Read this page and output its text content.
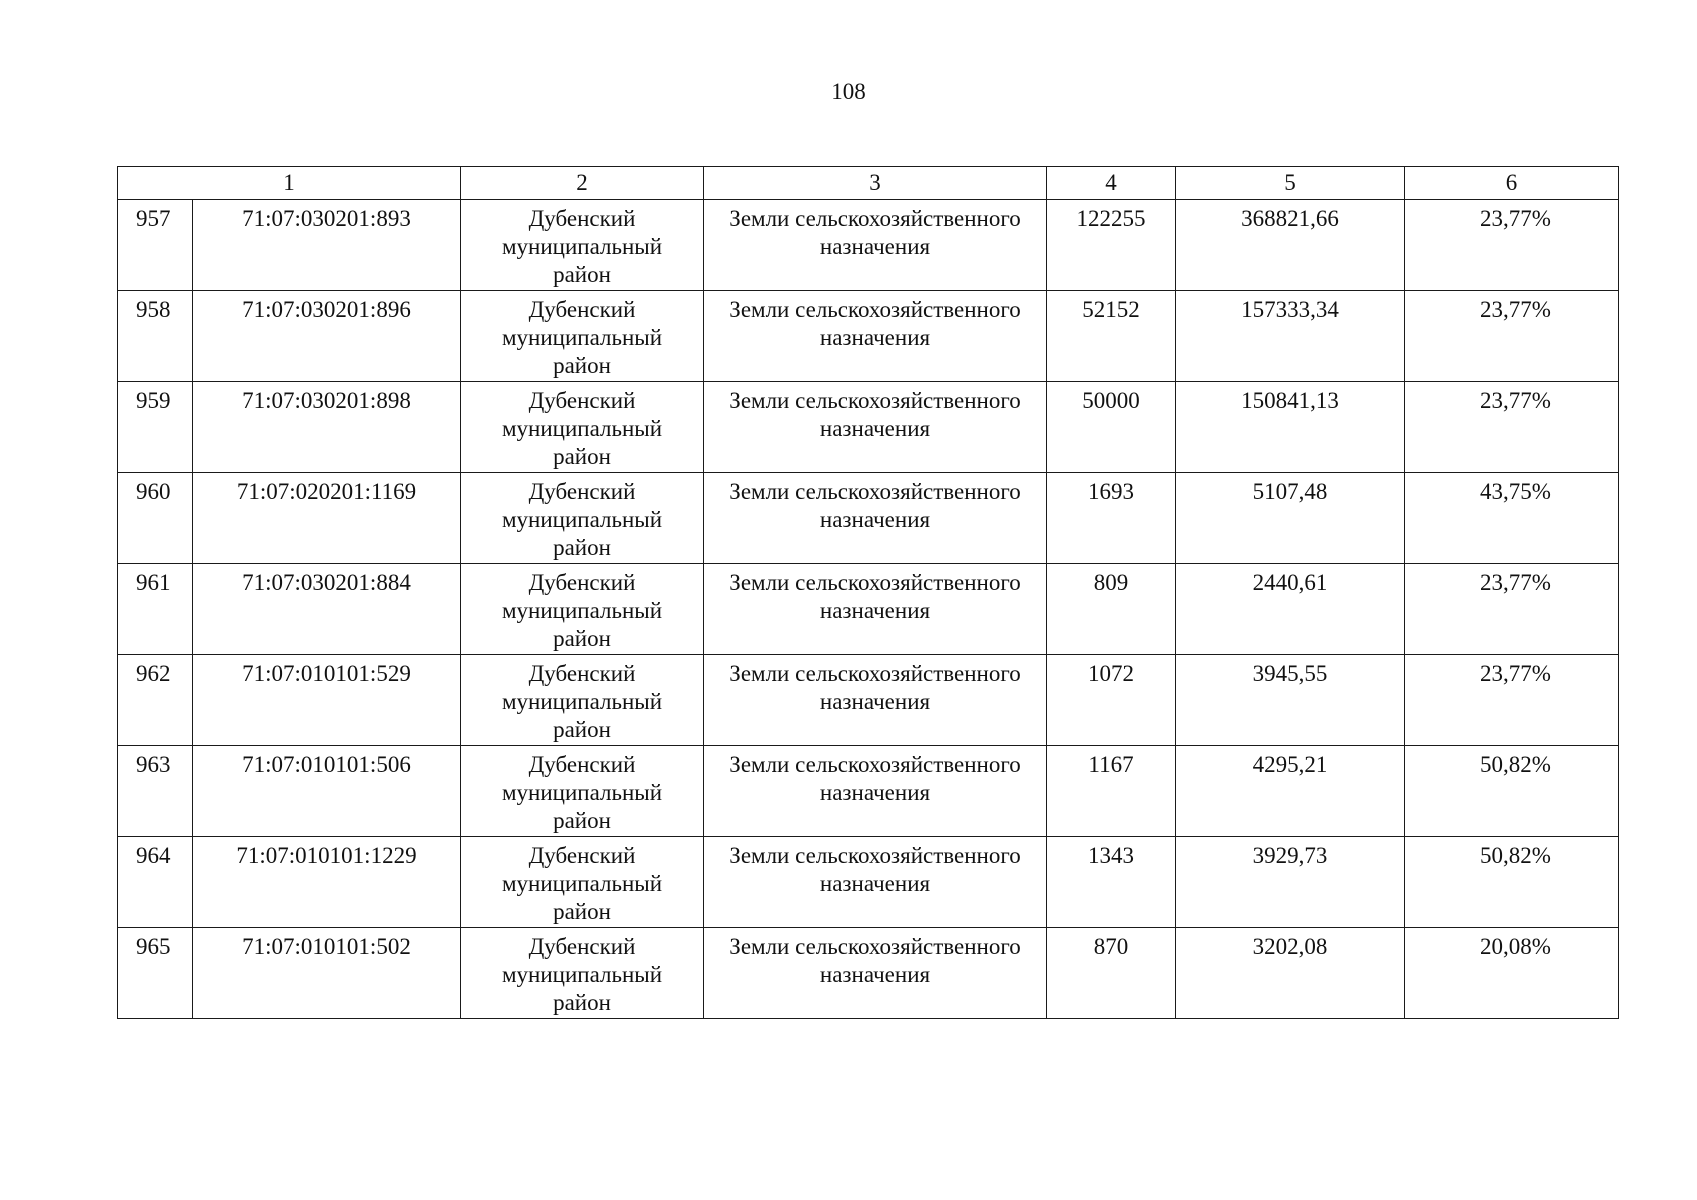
108
1		2	3	4	5	6
957	71:07:030201:893	Дубенский
муниципальный
район	Земли сельскохозяйственного
назначения	122255	368821,66	23,77%
958	71:07:030201:896	Дубенский
муниципальный
район	Земли сельскохозяйственного
назначения	52152	157333,34	23,77%
959	71:07:030201:898	Дубенский
муниципальный
район	Земли сельскохозяйственного
назначения	50000	150841,13	23,77%
960	71:07:020201:1169	Дубенский
муниципальный
район	Земли сельскохозяйственного
назначения	1693	5107,48	43,75%
961	71:07:030201:884	Дубенский
муниципальный
район	Земли сельскохозяйственного
назначения	809	2440,61	23,77%
962	71:07:010101:529	Дубенский
муниципальный
район	Земли сельскохозяйственного
назначения	1072	3945,55	23,77%
963	71:07:010101:506	Дубенский
муниципальный
район	Земли сельскохозяйственного
назначения	1167	4295,21	50,82%
964	71:07:010101:1229	Дубенский
муниципальный
район	Земли сельскохозяйственного
назначения	1343	3929,73	50,82%
965	71:07:010101:502	Дубенский
муниципальный
район	Земли сельскохозяйственного
назначения	870	3202,08	20,08%
